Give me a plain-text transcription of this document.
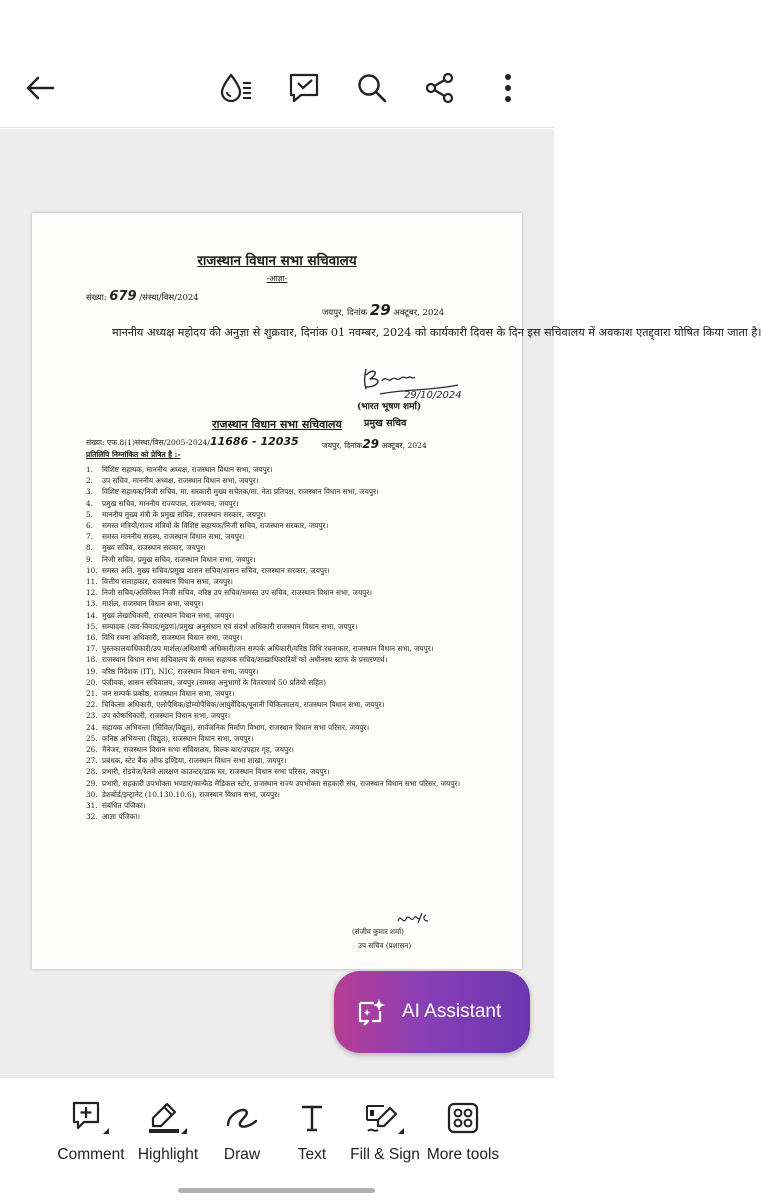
राजस्थान विधान सभा सचिवालय
-आज्ञा-
संख्या: 679 /संस्था/विस/2024
जयपुर, दिनांक 29 अक्टूबर, 2024
माननीय अध्यक्ष महोदय की अनुज्ञा से शुक्रवार, दिनांक 01 नवम्बर, 2024 को कार्यकारी दिवस के दिन इस सचिवालय में अवकाश एतद्द्वारा घोषित किया जाता है।
29/10/2024
(भारत भूषण शर्मा)
प्रमुख सचिव
राजस्थान विधान सभा सचिवालय
संख्या: एफ.8(1)संस्था/विस/2005-2024/11686 - 12035	जयपुर, दिनांक29 अक्टूबर, 2024
प्रतिलिपि निम्नांकित को प्रेषित है :-
1.	विशिष्ट सहायक, माननीय अध्यक्ष, राजस्थान विधान सभा, जयपुर।
2.	उप सचिव, माननीय अध्यक्ष, राजस्थान विधान सभा, जयपुर।
3.	विशिष्ट सहायक/निजी सचिव, मा. सरकारी मुख्य सचेतक/मा. नेता प्रतिपक्ष, राजस्थान विधान सभा, जयपुर।
4.	प्रमुख सचिव, माननीय राज्यपाल, राजभवन, जयपुर।
5.	माननीय मुख्य मंत्री के प्रमुख सचिव, राजस्थान सरकार, जयपुर।
6.	समस्त मंत्रियों/राज्य मंत्रियों के विशिष्ट सहायक/निजी सचिव, राजस्थान सरकार, जयपुर।
7.	समस्त माननीय सदस्य, राजस्थान विधान सभा, जयपुर।
8.	मुख्य सचिव, राजस्थान सरकार, जयपुर।
9.	निजी सचिव, प्रमुख सचिव, राजस्थान विधान सभा, जयपुर।
10. समस्त अति. मुख्य सचिव/प्रमुख शासन सचिव/शासन सचिव, राजस्थान सरकार, जयपुर।
11. वित्तीय सलाहकार, राजस्थान विधान सभा, जयपुर।
12. निजी सचिव/अतिरिक्त निजी सचिव, वरिष्ठ उप सचिव/समस्त उप सचिव, राजस्थान विधान सभा, जयपुर।
13. मार्शल, राजस्थान विधान सभा, जयपुर।
14. मुख्य लेखाधिकारी, राजस्थान विधान सभा, जयपुर।
15. सम्पादक (वाद-विवाद/मुद्रण)/प्रमुख अनुसंधान एवं संदर्भ अधिकारी राजस्थान विधान सभा, जयपुर।
16. विधि रचना अधिकारी, राजस्थान विधान सभा, जयपुर।
17. पुस्तकालयाधिकारी/उप मार्शल/अधिशाषी अधिकारी/जन सम्पर्क अधिकारी/वरिष्ठ विधि रचनाकार, राजस्थान विधान सभा, जयपुर।
18. राजस्थान विधान सभा सचिवालय के समस्त सहायक सचिव/शाखाधिकारियों को अधीनस्थ स्टाफ के प्रसारणार्थ।
19. वरिष्ठ निदेशक (IT), NIC, राजस्थान विधान सभा, जयपुर।
20. पंजीयक, शासन सचिवालय, जयपुर (समस्त अनुभागों के वितरणार्थ 50 प्रतियों सहित)
21. जन सम्पर्क प्रकोष्ठ, राजस्थान विधान सभा, जयपुर।
22. चिकित्सा अधिकारी, एलोपैथिक/होम्योपैथिक/आयुर्वेदिक/यूनानी चिकित्सालय, राजस्थान विधान सभा, जयपुर।
23. उप कोषाधिकारी, राजस्थान विधान सभा, जयपुर।
24. सहायक अभियन्ता (सिविल/विद्युत), सार्वजनिक निर्माण विभाग, राजस्थान विधान सभा परिसर, जयपुर।
25. कनिष्ठ अभियन्ता (विद्युत), राजस्थान विधान सभा, जयपुर।
26. मैनेजर, राजस्थान विधान सभा सचिवालय, मिल्क बार/उपहार गृह, जयपुर।
27. प्रबंधक, स्टेट बैंक ऑफ इण्डिया, राजस्थान विधान सभा शाखा, जयपुर।
28. प्रभारी, रोडवेज/रेलवे आरक्षण काउन्टर/डाक घर, राजस्थान विधान सभा परिसर, जयपुर।
29. प्रभारी, सहकारी उपभोक्ता भण्डार/कान्फैड मेडिकल स्टोर, राजस्थान राज्य उपभोक्ता सहकारी संघ, राजस्थान विधान सभा परिसर, जयपुर।
30. डेशबोर्ड/इन्ट्रानेट (10.130.10.6), राजस्थान विधान सभा, जयपुर।
31. संबंधित पंजिका।
32. आज्ञा पंजिका।
(संजीव कुमार शर्मा)
उप सचिव (प्रशासन)
AI Assistant
Comment Highlight Draw Text Fill & Sign More tools
